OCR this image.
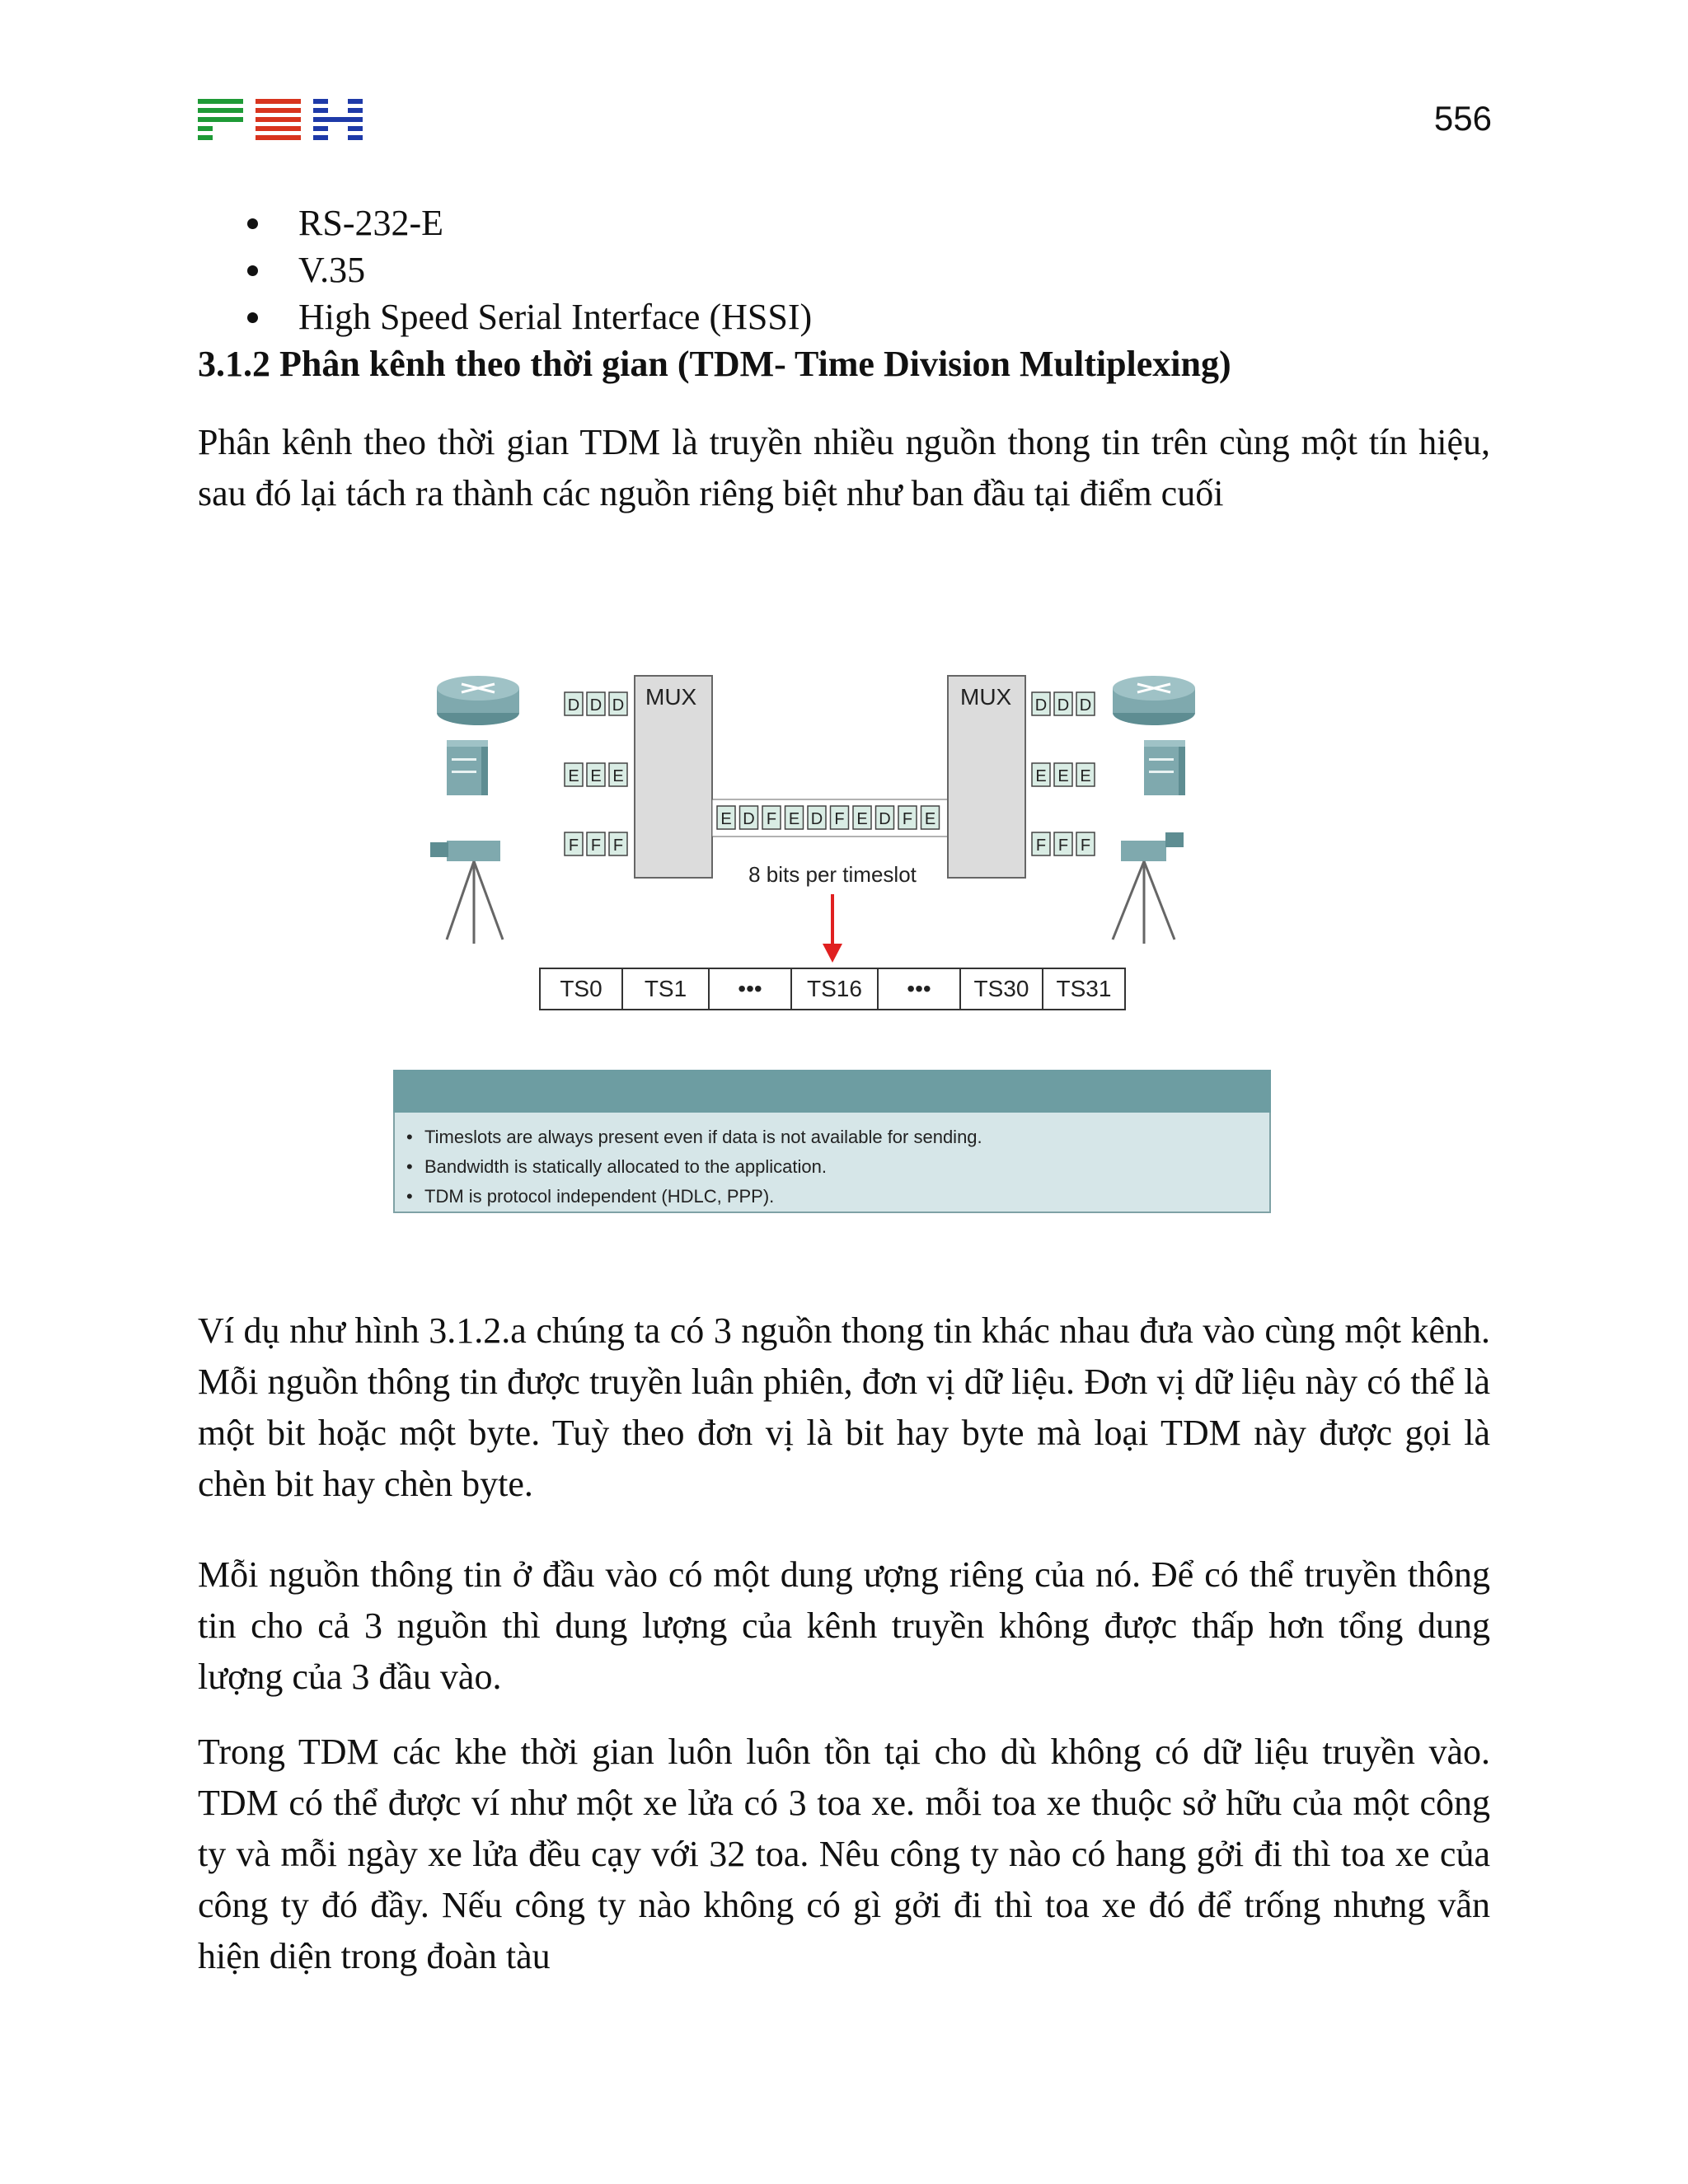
556
RS-232-E
V.35
High Speed Serial Interface (HSSI)
3.1.2 Phân kênh theo thời gian (TDM- Time Division Multiplexing)

Phân kênh theo thời gian TDM là truyền nhiều nguồn thong tin trên cùng một tín hiệu, sau đó lại tách ra thành các nguồn riêng biệt như ban đầu tại điểm cuối

D D D
E E E
F F F
MUX
E D F E D F E D F E
MUX D D D
E E E
F F F
8 bits per timeslot
TS0 TS1 ••• TS16 ••• TS30 TS31
• Timeslots are always present even if data is not available for sending.
• Bandwidth is statically allocated to the application.
• TDM is protocol independent (HDLC, PPP).

Ví dụ như hình 3.1.2.a chúng ta có 3 nguồn thong tin khác nhau đưa vào cùng một kênh. Mỗi nguồn thông tin được truyền luân phiên, đơn vị dữ liệu. Đơn vị dữ liệu này có thể là một bit hoặc một byte. Tuỳ theo đơn vị là bit hay byte mà loại TDM này được gọi là chèn bit hay chèn byte.

Mỗi nguồn thông tin ở đầu vào có một dung ượng riêng của nó. Để có thể truyền thông tin cho cả 3 nguồn thì dung lượng của kênh truyền không được thấp hơn tổng dung lượng của 3 đầu vào.

Trong TDM các khe thời gian luôn luôn tồn tại cho dù không có dữ liệu truyền vào. TDM có thể được ví như một xe lửa có 3 toa xe. mỗi toa xe thuộc sở hữu của một công ty và mỗi ngày xe lửa đều cạy với 32 toa. Nêu công ty nào có hang gởi đi thì toa xe của công ty đó đầy. Nếu công ty nào không có gì gởi đi thì toa xe đó để trống nhưng vẫn hiện diện trong đoàn tàu
